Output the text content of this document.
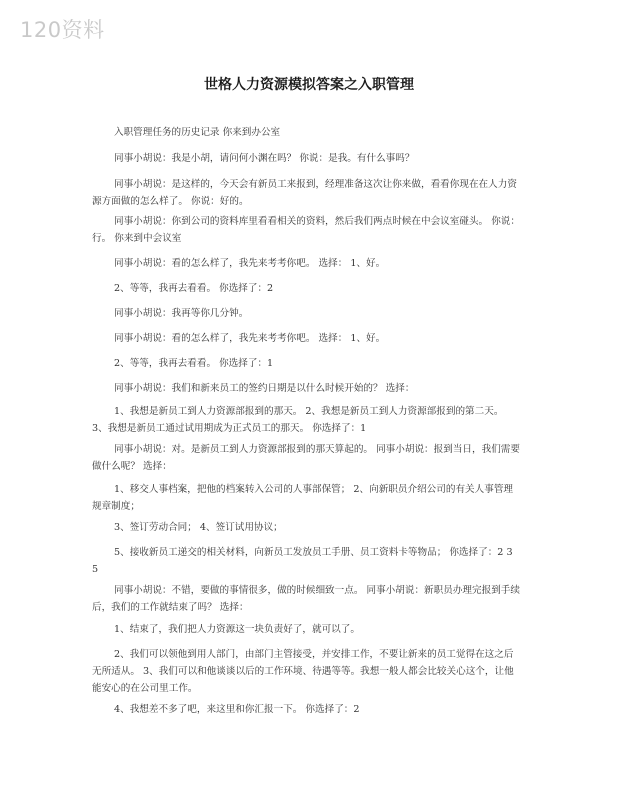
120资料
世格人力资源模拟答案之入职管理

入职管理任务的历史记录 你来到办公室

同事小胡说：我是小胡，请问何小渊在吗？ 你说：是我。有什么事吗？

同事小胡说：是这样的，今天会有新员工来报到，经理准备这次让你来做，看看你现在在人力资源方面做的怎么样了。 你说：好的。

同事小胡说：你到公司的资料库里看看相关的资料，然后我们两点时候在中会议室碰头。 你说：行。 你来到中会议室

同事小胡说：看的怎么样了，我先来考考你吧。 选择： 1、好。

2、等等，我再去看看。 你选择了：2

同事小胡说：我再等你几分钟。

同事小胡说：看的怎么样了，我先来考考你吧。 选择： 1、好。

2、等等，我再去看看。 你选择了：1

同事小胡说：我们和新来员工的签约日期是以什么时候开始的？ 选择：

1、我想是新员工到人力资源部报到的那天。 2、我想是新员工到人力资源部报到的第二天。 3、我想是新员工通过试用期成为正式员工的那天。 你选择了：1

同事小胡说：对。是新员工到人力资源部报到的那天算起的。 同事小胡说：报到当日，我们需要做什么呢？ 选择：

1、移交人事档案，把他的档案转入公司的人事部保管； 2、向新职员介绍公司的有关人事管理规章制度；

3、签订劳动合同； 4、签订试用协议；

5、接收新员工递交的相关材料，向新员工发放员工手册、员工资料卡等物品； 你选择了：2 3 5

同事小胡说：不错，要做的事情很多，做的时候细致一点。 同事小胡说：新职员办理完报到手续后，我们的工作就结束了吗？ 选择：

1、结束了，我们把人力资源这一块负责好了，就可以了。

2、我们可以领他到用人部门，由部门主管接受，并安排工作，不要让新来的员工觉得在这之后无所适从。 3、我们可以和他谈谈以后的工作环境、待遇等等。我想一般人都会比较关心这个，让他能安心的在公司里工作。

4、我想差不多了吧，来这里和你汇报一下。 你选择了：2
